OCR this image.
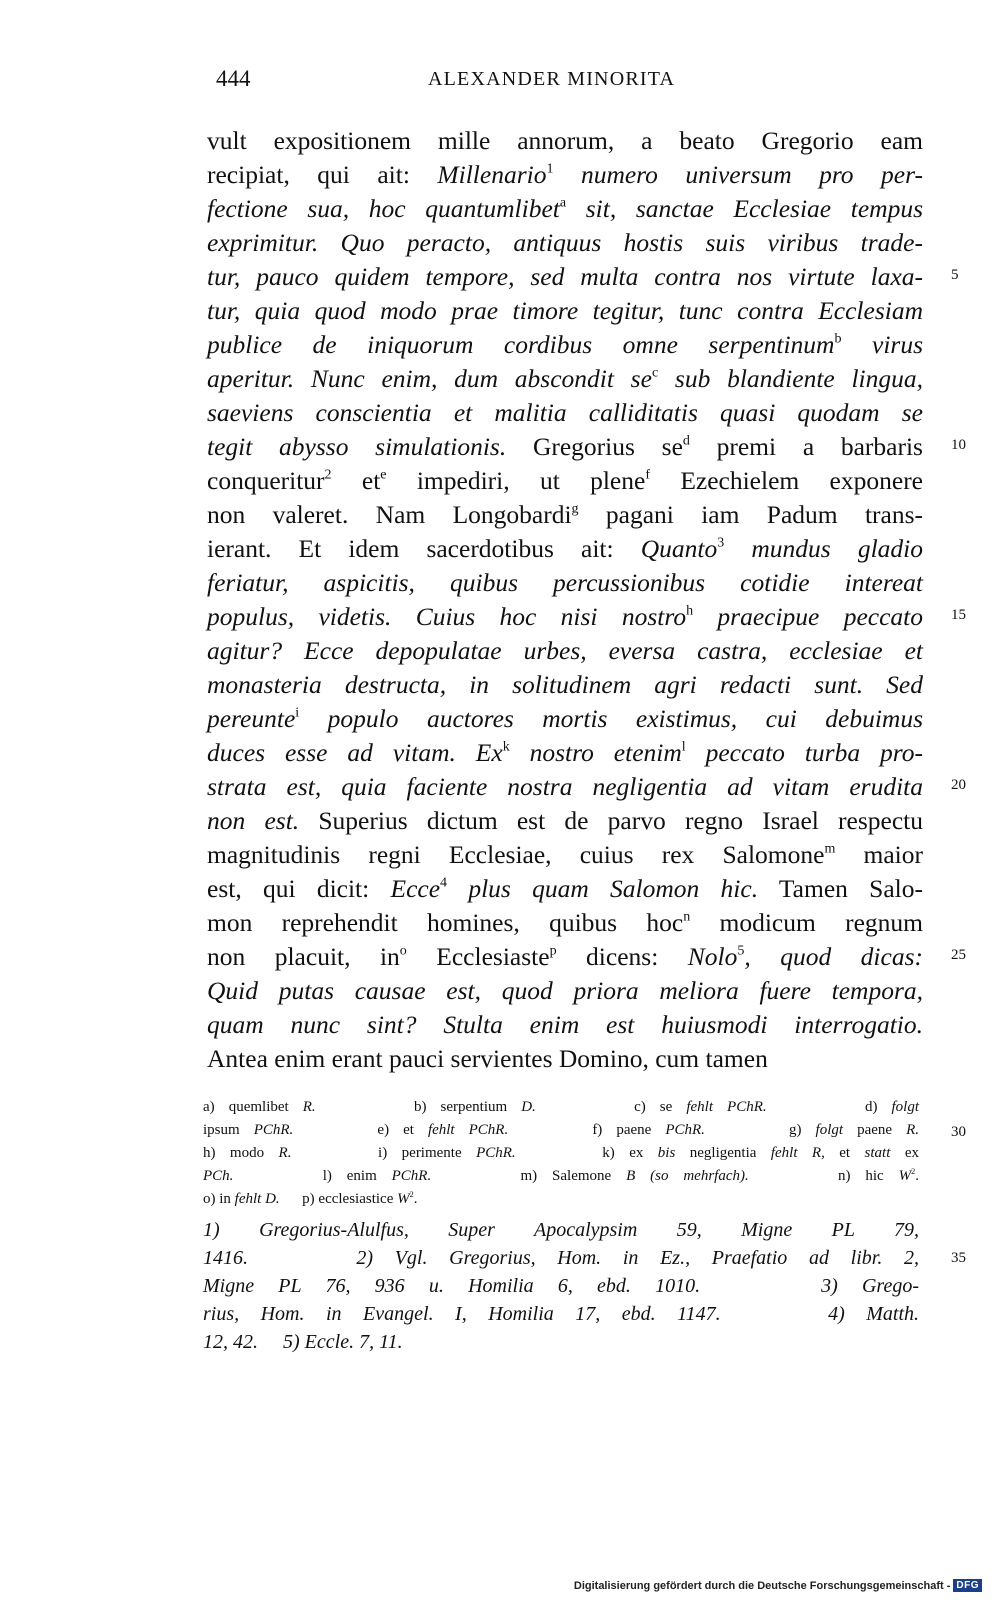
444	ALEXANDER MINORITA
vult expositionem mille annorum, a beato Gregorio eam
recipiat, qui ait: Millenario$^1$ numero universum pro per-
fectione sua, hoc quantumlibet$^a$ sit, sanctae Ecclesiae tempus
exprimitur. Quo peracto, antiquus hostis suis viribus trade-
tur, pauco quidem tempore, sed multa contra nos virtute laxa-
tur, quia quod modo prae timore tegitur, tunc contra Ecclesiam
publice de iniquorum cordibus omne serpentinum$^b$ virus
aperitur. Nunc enim, dum abscondit $se^c$ sub blandiente lingua,
saeviens conscientia et malitia calliditatis quasi quodam se
tegit abysso simulationis. Gregorius $se^d$ premi a barbaris
conqueritur$^2$ $et^e$ impediri, ut plene$^f$ Ezechielem exponere
non valeret. Nam Longobardi$^g$ pagani iam Padum trans-
ierant. Et idem sacerdotibus ait: Quanto$^3$ mundus gladio
feriatur, aspicitis, quibus percussionibus cotidie intereat
populus, videtis. Cuius hoc nisi nostro$^h$ praecipue peccato
agitur? Ecce depopulatae urbes, eversa castra, ecclesiae et
monasteria destructa, in solitudinem agri redacti sunt. Sed
pereunte$^i$ populo auctores mortis existimus, cui debuimus
duces esse ad vitam. Ex$^k$ nostro etenim$^l$ peccato turba pro-
strata est, quia faciente nostra negligentia ad vitam erudita
non est. Superius dictum est de parvo regno Israel respectu
magnitudinis regni Ecclesiae, cuius rex Salomone$^m$ maior
est, qui dicit: Ecce$^4$ plus quam Salomon hic. Tamen Salo-
mon reprehendit homines, quibus hoc$^n$ modicum regnum
non placuit, $in^o$ Ecclesiaste$^p$ dicens: Nolo$^5$, quod dicas:
Quid putas causae est, quod priora meliora fuere tempora,
quam nunc sint? Stulta enim est huiusmodi interrogatio.
Antea enim erant pauci servientes Domino, cum tamen
5
10
15
20
25
a) quemlibet R.       b) serpentium D.       c) se fehlt PChR.       d) folgt
ipsum PChR.      e) et fehlt PChR.      f) paene PChR.      g) folgt paene R.
h) modo R.      i) perimente PChR.      k) ex bis negligentia fehlt R, et statt ex
PCh.      l) enim PChR.      m) Salemone B (so mehrfach).      n) hic $W^2$.
o) in fehlt D.      p) ecclesiastice $W^2$.
30
1) Gregorius-Alulfus, Super Apocalypsim 59, Migne PL 79,
1416.     2) Vgl. Gregorius, Hom. in Ez., Praefatio ad libr. 2,
Migne PL 76, 936 u. Homilia 6, ebd. 1010.     3) Grego-
rius, Hom. in Evangel. I, Homilia 17, ebd. 1147.     4) Matth.
12, 42.     5) Eccle. 7, 11.
35
Digitalisierung gefördert durch die Deutsche Forschungsgemeinschaft - DFG
